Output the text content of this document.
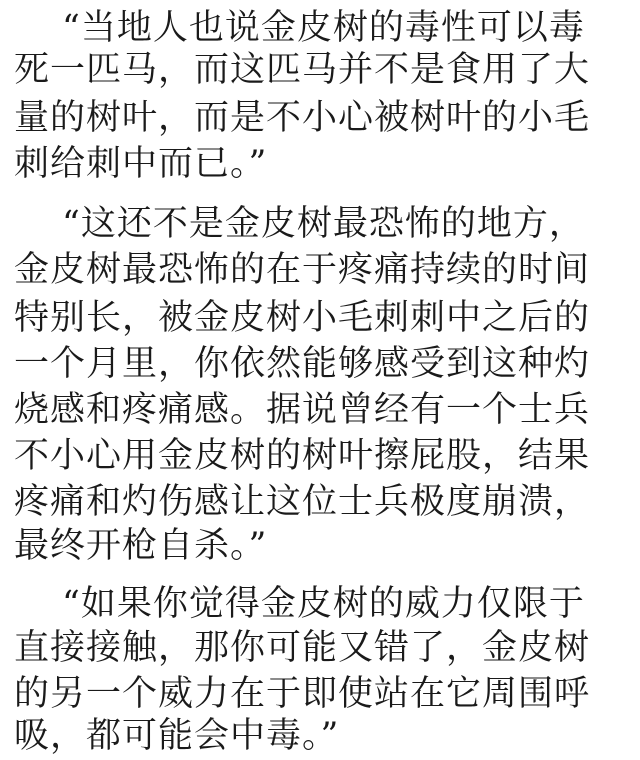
“当地人也说金皮树的毒性可以毒
死一匹马，而这匹马并不是食用了大
量的树叶，而是不小心被树叶的小毛
刺给刺中而已。”
“这还不是金皮树最恐怖的地方，
金皮树最恐怖的在于疼痛持续的时间
特别长，被金皮树小毛刺刺中之后的
一个月里，你依然能够感受到这种灼
烧感和疼痛感。据说曾经有一个士兵
不小心用金皮树的树叶擦屁股，结果
疼痛和灼伤感让这位士兵极度崩溃，
最终开枪自杀。”
“如果你觉得金皮树的威力仅限于
直接接触，那你可能又错了，金皮树
的另一个威力在于即使站在它周围呼
吸，都可能会中毒。”
